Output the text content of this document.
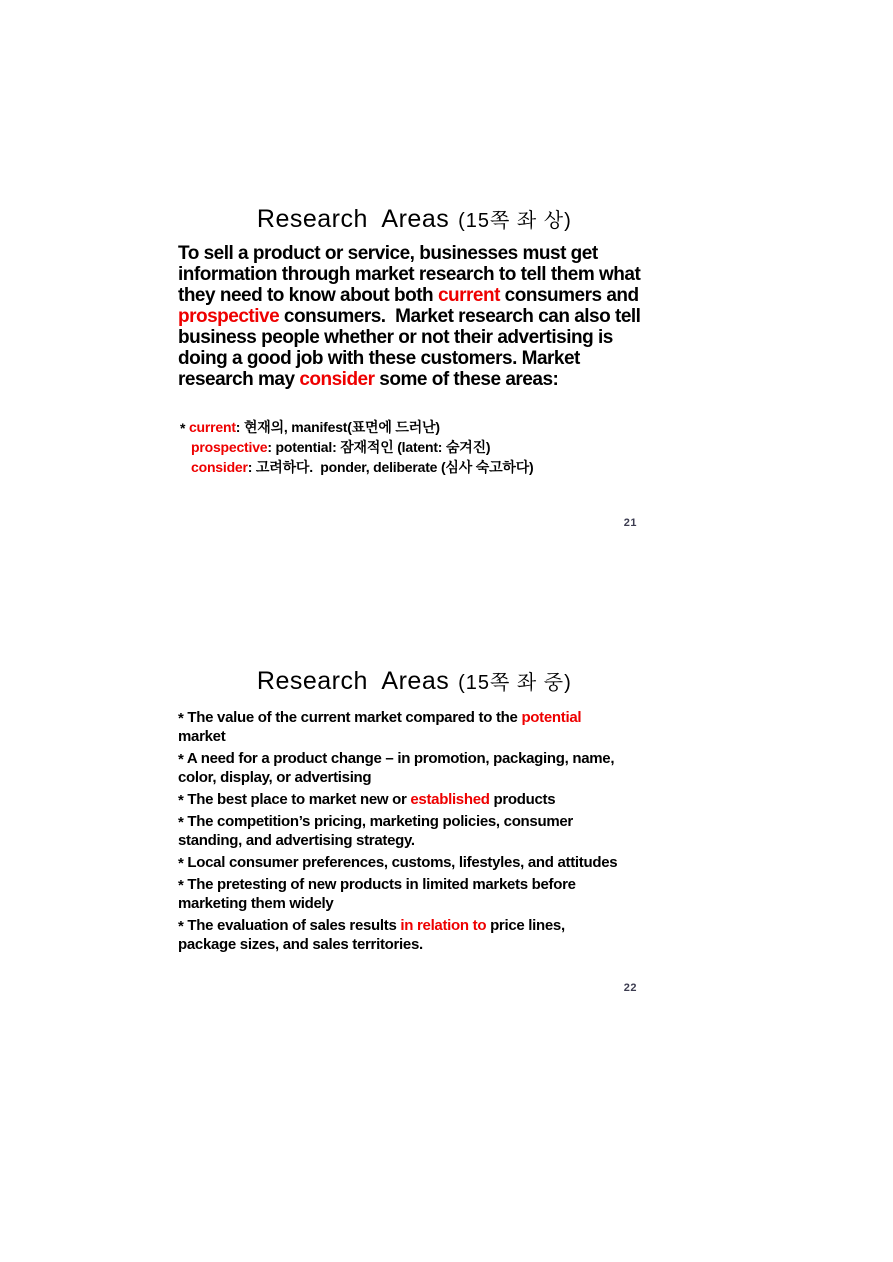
Research  Areas (15쪽 좌 상)

To sell a product or service, businesses must get
information through market research to tell them what
they need to know about both current consumers and
prospective consumers.  Market research can also tell
business people whether or not their advertising is
doing a good job with these customers. Market
research may consider some of these areas:
* current: 현재의, manifest(표면에 드러난)
prospective: potential: 잠재적인 (latent: 숨겨진)
consider: 고려하다.  ponder, deliberate (심사 숙고하다)
21

Research  Areas (15쪽 좌 중)

* The value of the current market compared to the potential
market
* A need for a product change – in promotion, packaging, name,
color, display, or advertising
* The best place to market new or established products
* The competition’s pricing, marketing policies, consumer
standing, and advertising strategy.
* Local consumer preferences, customs, lifestyles, and attitudes
* The pretesting of new products in limited markets before
marketing them widely
* The evaluation of sales results in relation to price lines,
package sizes, and sales territories.
22
